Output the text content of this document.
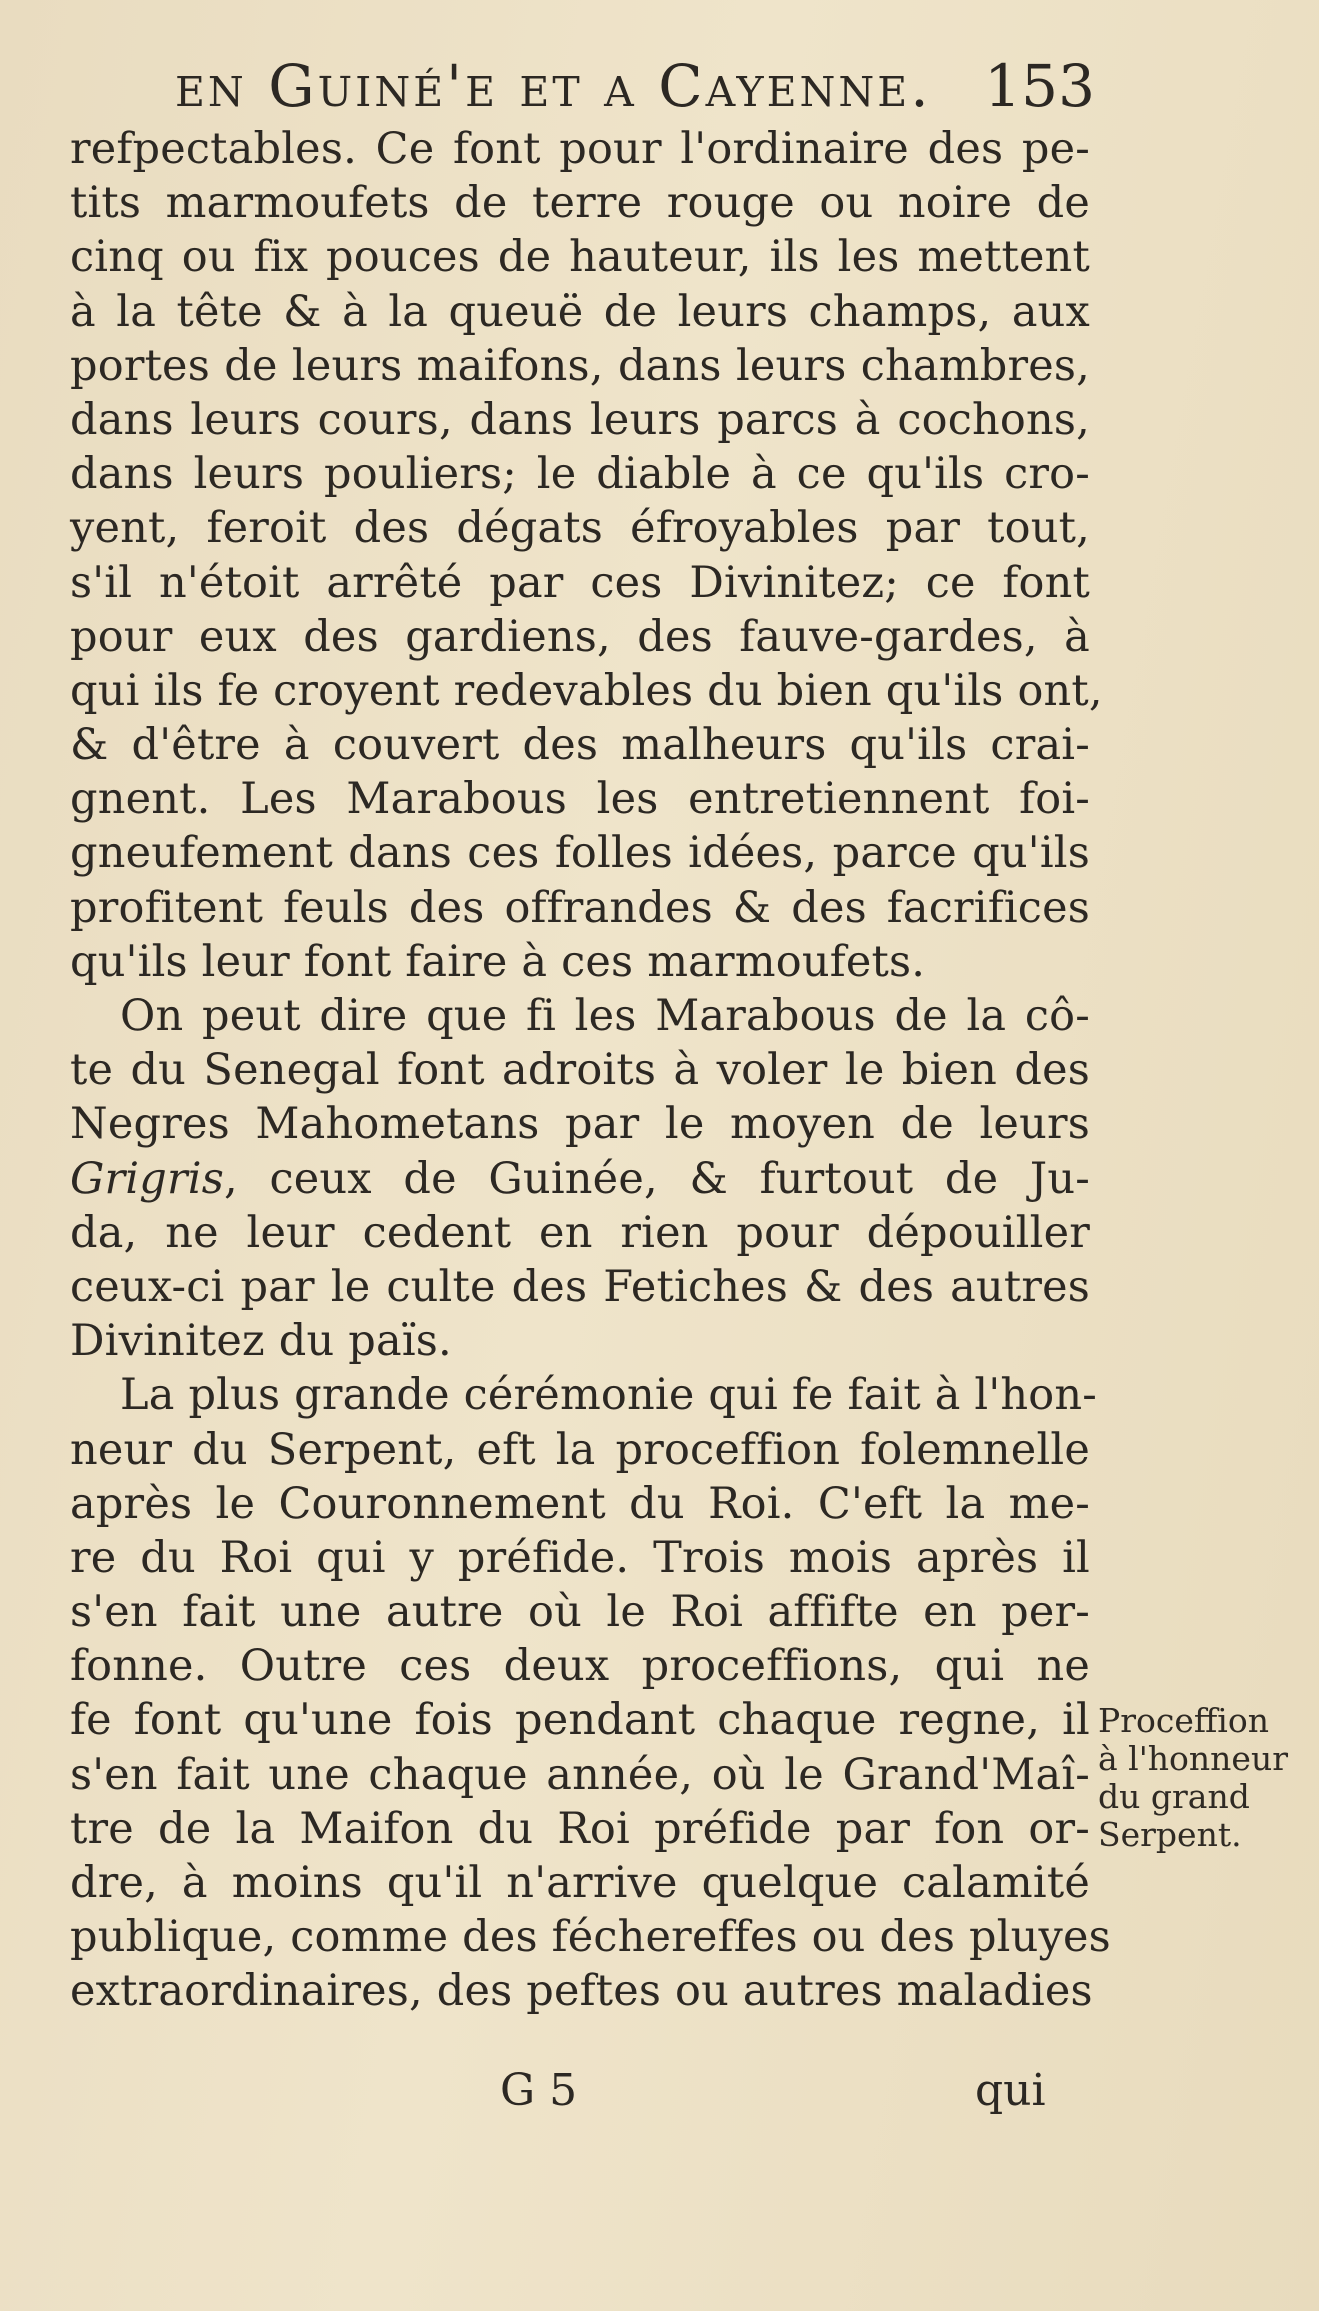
en Guiné'e et a Cayenne. 153
refpectables. Ce font pour l'ordinaire des pe-
tits marmoufets de terre rouge ou noire de
cinq ou fix pouces de hauteur, ils les mettent
à la tête & à la queuë de leurs champs, aux
portes de leurs maifons, dans leurs chambres,
dans leurs cours, dans leurs parcs à cochons,
dans leurs pouliers; le diable à ce qu'ils cro-
yent, feroit des dégats éfroyables par tout,
s'il n'étoit arrêté par ces Divinitez; ce font
pour eux des gardiens, des fauve-gardes, à
qui ils fe croyent redevables du bien qu'ils ont,
& d'être à couvert des malheurs qu'ils crai-
gnent. Les Marabous les entretiennent foi-
gneufement dans ces folles idées, parce qu'ils
profitent feuls des offrandes & des facrifices
qu'ils leur font faire à ces marmoufets.
On peut dire que fi les Marabous de la cô-
te du Senegal font adroits à voler le bien des
Negres Mahometans par le moyen de leurs
Grigris, ceux de Guinée, & furtout de Ju-
da, ne leur cedent en rien pour dépouiller
ceux-ci par le culte des Fetiches & des autres
Divinitez du païs.
La plus grande cérémonie qui fe fait à l'hon-
neur du Serpent, eft la proceffion folemnelle
après le Couronnement du Roi. C'eft la me-
re du Roi qui y préfide. Trois mois après il
s'en fait une autre où le Roi affifte en per-
fonne. Outre ces deux proceffions, qui ne
fe font qu'une fois pendant chaque regne, il
s'en fait une chaque année, où le Grand'Maî-
tre de la Maifon du Roi préfide par fon or-
dre, à moins qu'il n'arrive quelque calamité
publique, comme des féchereffes ou des pluyes
extraordinaires, des peftes ou autres maladies
Proceffion
à l'honneur
du grand
Serpent.
G 5	qui
